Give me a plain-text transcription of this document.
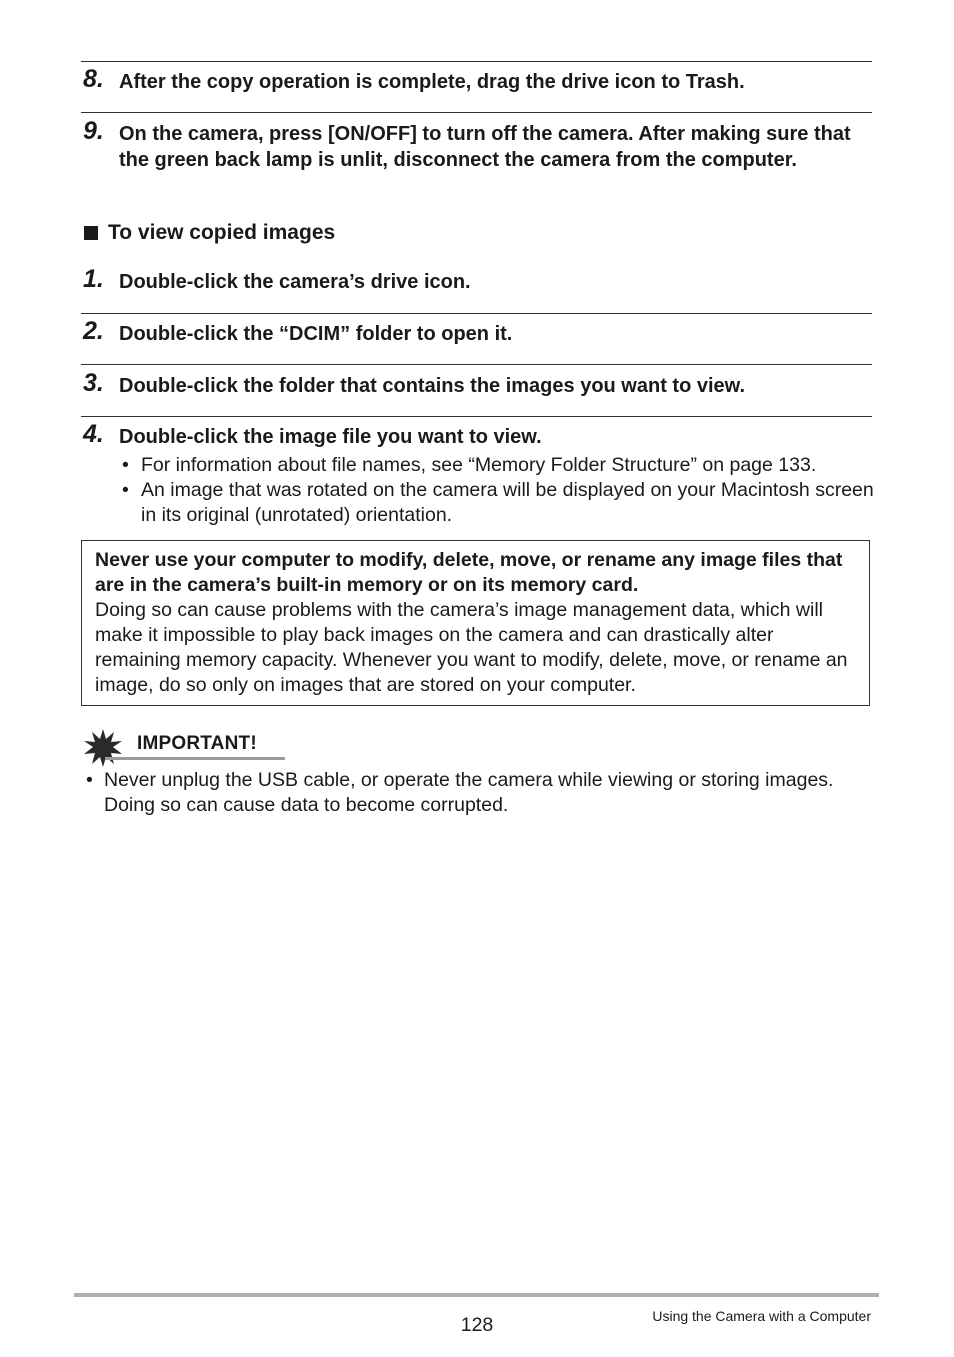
8. After the copy operation is complete, drag the drive icon to Trash.
9. On the camera, press [ON/OFF] to turn off the camera. After making sure that the green back lamp is unlit, disconnect the camera from the computer.
To view copied images
1. Double-click the camera’s drive icon.
2. Double-click the “DCIM” folder to open it.
3. Double-click the folder that contains the images you want to view.
4. Double-click the image file you want to view.
• For information about file names, see “Memory Folder Structure” on page 133.
• An image that was rotated on the camera will be displayed on your Macintosh screen in its original (unrotated) orientation.
Never use your computer to modify, delete, move, or rename any image files that are in the camera’s built-in memory or on its memory card.
Doing so can cause problems with the camera’s image management data, which will make it impossible to play back images on the camera and can drastically alter remaining memory capacity. Whenever you want to modify, delete, move, or rename an image, do so only on images that are stored on your computer.
IMPORTANT!
• Never unplug the USB cable, or operate the camera while viewing or storing images. Doing so can cause data to become corrupted.
128	Using the Camera with a Computer
